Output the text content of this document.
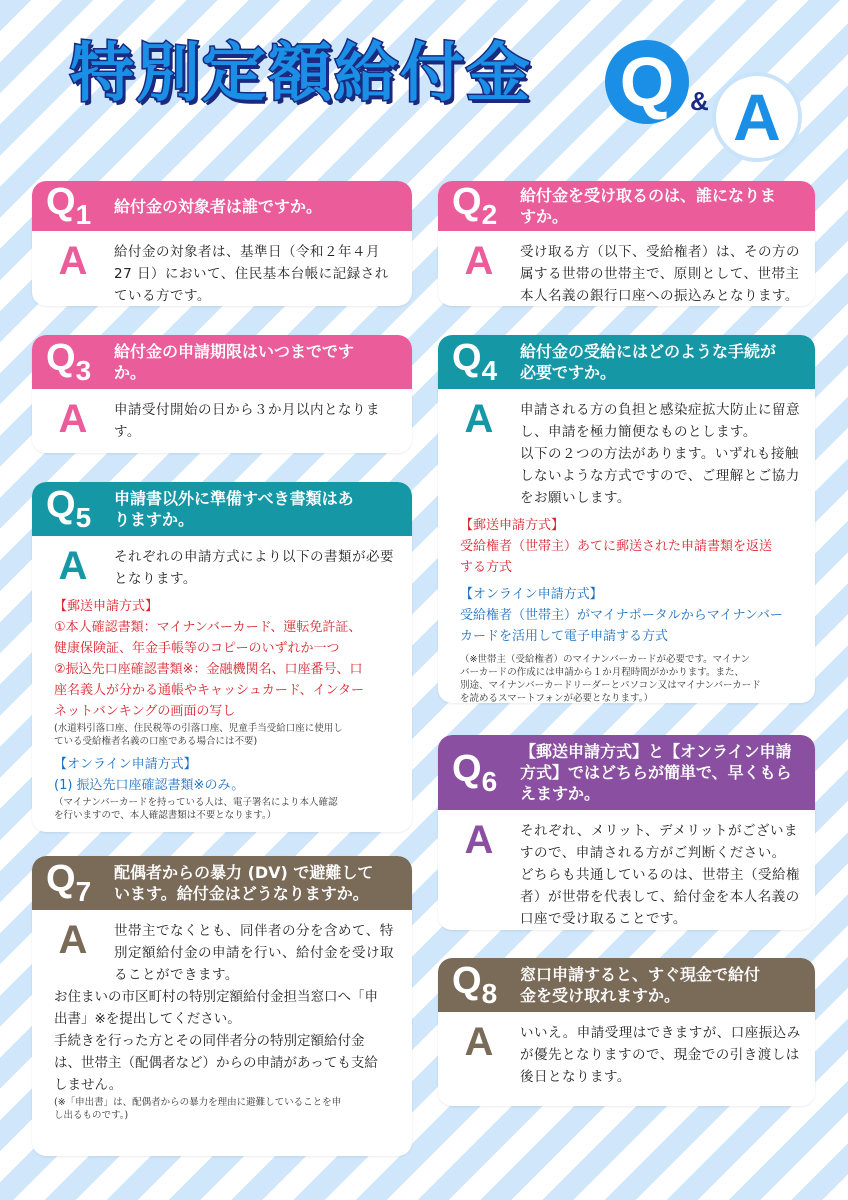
特別定額給付金 Q & A
$Q_1$	給付金の対象者は誰ですか。
A	給付金の対象者は、基準日（令和２年４月
27 日）において、住民基本台帳に記録され
ている方です。
$Q_2$
給付金を受け取るのは、誰になりま
すか。
A	受け取る方（以下、受給権者）は、その方の
属する世帯の世帯主で、原則として、世帯主
本人名義の銀行口座への振込みとなります。
$Q_3$
給付金の申請期限はいつまでです
か。
A	申請受付開始の日から３か月以内となりま
す。
$Q_4$
給付金の受給にはどのような手続が
必要ですか。
A	申請される方の負担と感染症拡大防止に留意
し、申請を極力簡便なものとします。
以下の２つの方法があります。いずれも接触
しないような方式ですので、ご理解とご協力
をお願いします。
【郵送申請方式】
受給権者（世帯主）あてに郵送された申請書類を返送
する方式
【オンライン申請方式】
受給権者（世帯主）がマイナポータルからマイナンバー
カードを活用して電子申請する方式
（※世帯主（受給権者）のマイナンバーカードが必要です。マイナン
バーカードの作成には申請から１か月程時間がかかります。また、
別途、マイナンバーカードリーダーとパソコン又はマイナンバーカード
を読めるスマートフォンが必要となります。）
$Q_5$
申請書以外に準備すべき書類はあ
りますか。
A	それぞれの申請方式により以下の書類が必要
となります。
【郵送申請方式】
①本人確認書類：マイナンバーカード、運転免許証、
健康保険証、年金手帳等のコピーのいずれか一つ
②振込先口座確認書類※：金融機関名、口座番号、口
座名義人が分かる通帳やキャッシュカード、インター
ネットバンキングの画面の写し
(水道料引落口座、住民税等の引落口座、児童手当受給口座に使用し
ている受給権者名義の口座である場合には不要)
【オンライン申請方式】
(1) 振込先口座確認書類※のみ。
（マイナンバーカードを持っている人は、電子署名により本人確認
を行いますので、本人確認書類は不要となります。）
$Q_6$
【郵送申請方式】と【オンライン申請
方式】ではどちらが簡単で、早くもら
えますか。
A	それぞれ、メリット、デメリットがございま
すので、申請される方がご判断ください。
どちらも共通しているのは、世帯主（受給権
者）が世帯を代表して、給付金を本人名義の
口座で受け取ることです。
$Q_7$
配偶者からの暴力 (DV) で避難して
います。給付金はどうなりますか。
A	世帯主でなくとも、同伴者の分を含めて、特
別定額給付金の申請を行い、給付金を受け取
ることができます。
お住まいの市区町村の特別定額給付金担当窓口へ「申
出書」※を提出してください。
手続きを行った方とその同伴者分の特別定額給付金
は、世帯主（配偶者など）からの申請があっても支給
しません。
(※「申出書」は、配偶者からの暴力を理由に避難していることを申
し出るものです。)
$Q_8$
窓口申請すると、すぐ現金で給付
金を受け取れますか。
A	いいえ。申請受理はできますが、口座振込み
が優先となりますので、現金での引き渡しは
後日となります。
